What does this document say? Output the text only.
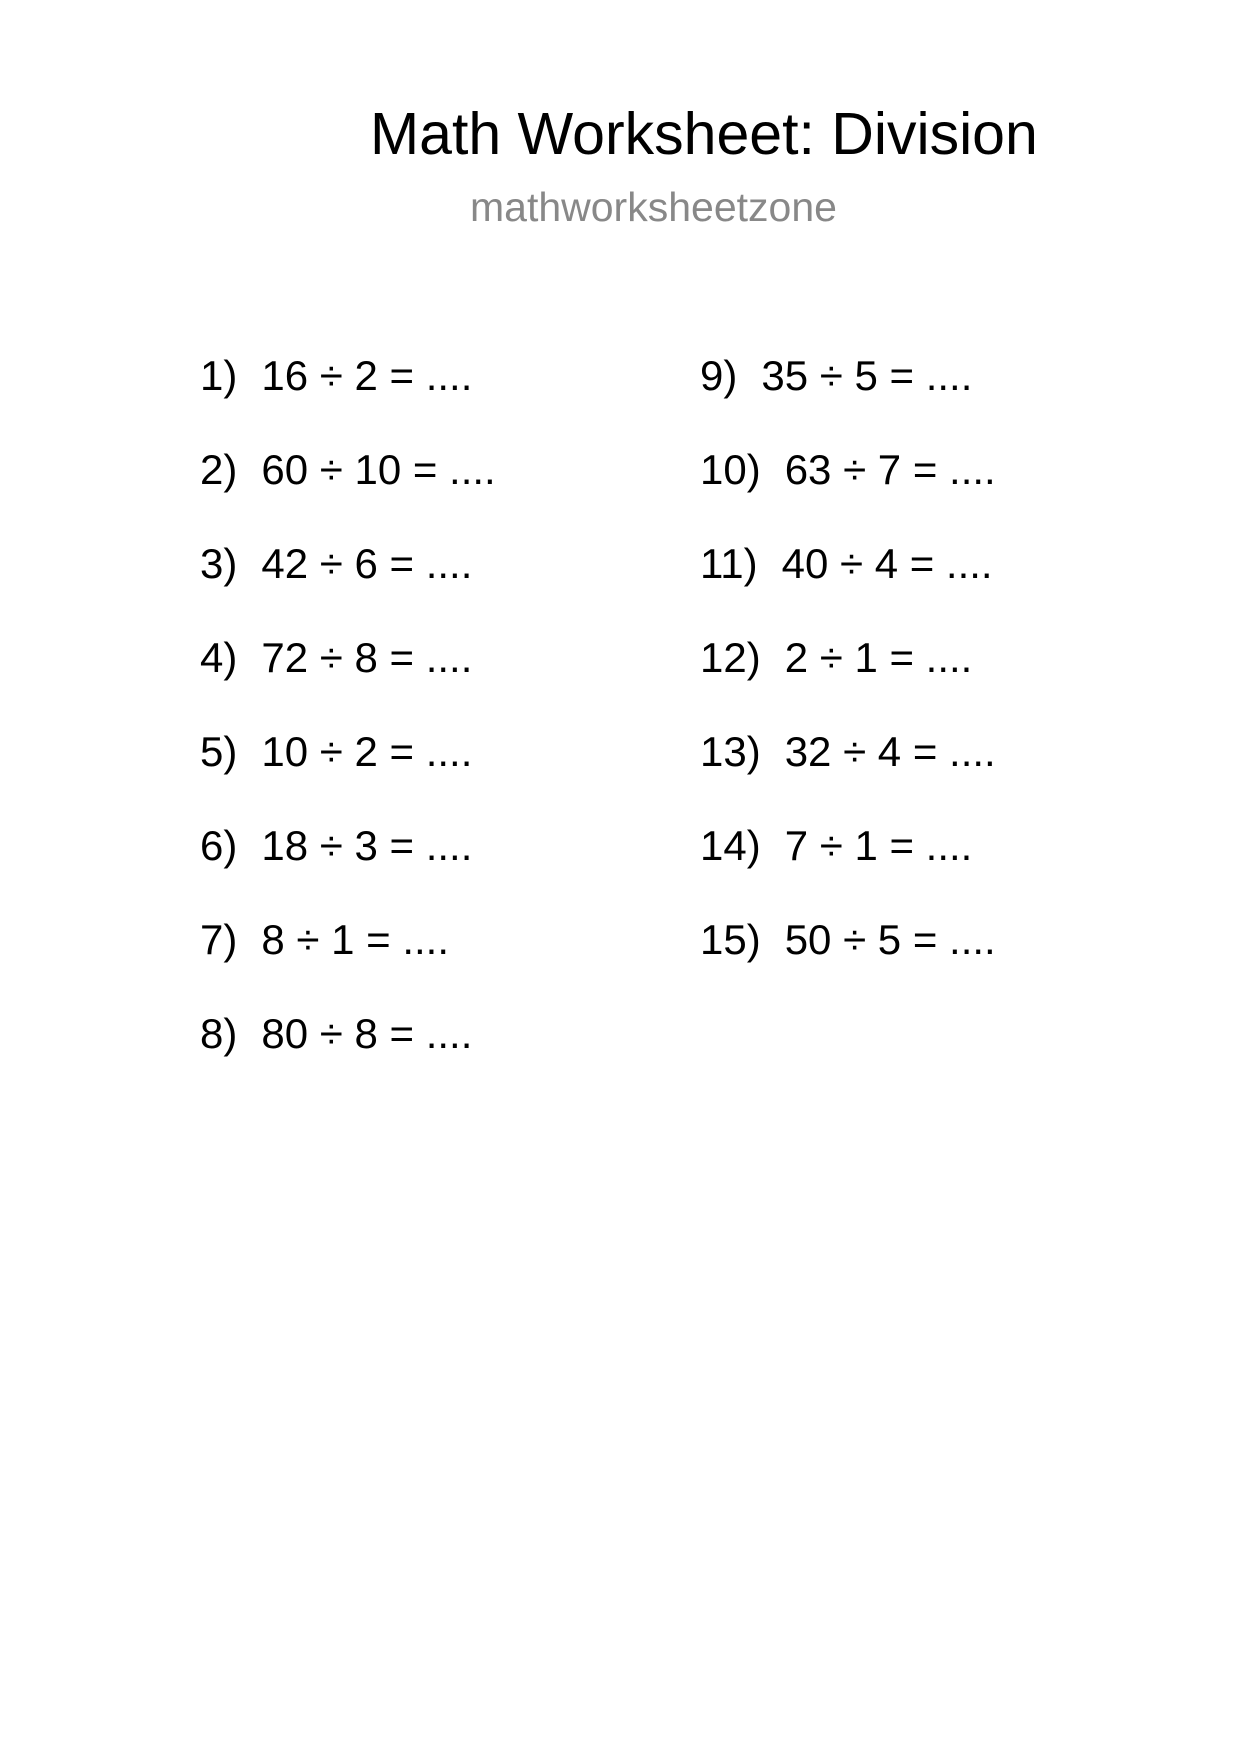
Math Worksheet: Division
mathworksheetzone
1) 16 ÷ 2 = ....
2) 60 ÷ 10 = ....
3) 42 ÷ 6 = ....
4) 72 ÷ 8 = ....
5) 10 ÷ 2 = ....
6) 18 ÷ 3 = ....
7) 8 ÷ 1 = ....
8) 80 ÷ 8 = ....
9) 35 ÷ 5 = ....
10) 63 ÷ 7 = ....
11) 40 ÷ 4 = ....
12) 2 ÷ 1 = ....
13) 32 ÷ 4 = ....
14) 7 ÷ 1 = ....
15) 50 ÷ 5 = ....
